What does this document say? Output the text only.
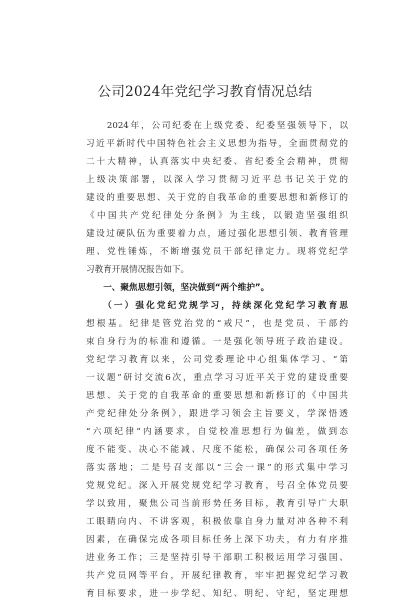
公司2024年党纪学习教育情况总结
　　2024年，公司纪委在上级党委、纪委坚强领导下，以
习近平新时代中国特色社会主义思想为指导，全面贯彻党的
二十大精神，认真落实中央纪委、省纪委全会精神，贯彻
上级决策部署，以深入学习贯彻习近平总书记关于党的
建设的重要思想、关于党的自我革命的重要思想和新修订的
《中国共产党纪律处分条例》为主线，以锻造坚强组织
建设过硬队伍为重要着力点，通过强化思想引领、教育管理
理、党性锤炼，不断增强党员干部纪律定力。现将党纪学
习教育开展情况报告如下。
　　一、聚焦思想引领，坚决做到“两个维护”。
　　（一）强化党纪党规学习，持续深化党纪学习教育思
想根基。纪律是管党治党的“戒尺”，也是党员、干部约
束自身行为的标准和遵循。一是强化领导班子政治建设。
党纪学习教育以来，公司党委理论中心组集体学习、“第
一议题”研讨交流6次，重点学习习近平关于党的建设重要
思想、关于党的自我革命的重要思想和新修订的《中国共
产党纪律处分条例》，跟进学习领会主旨要义，学深悟透
“六项纪律”内涵要求，自觉校准思想行为偏差，做到态
度不能变、决心不能减、尺度不能松，确保公司各项任务
落实落地；二是号召支部以“三会一课”的形式集中学习
党规党纪。深入开展党规党纪学习教育，号召全体党员要
学以致用，聚焦公司当前形势任务目标，教育引导广大职
工眼睛向内、不讲客观，积极依靠自身力量对冲各种不利
因素，在确保完成各项目标任务上深下功夫，有力有序推
进业务工作；三是坚持引导干部职工积极运用学习强国、
共产党员网等平台，开展纪律教育，牢牢把握党纪学习教
育目标要求，进一步学纪、知纪、明纪、守纪，坚定理想
